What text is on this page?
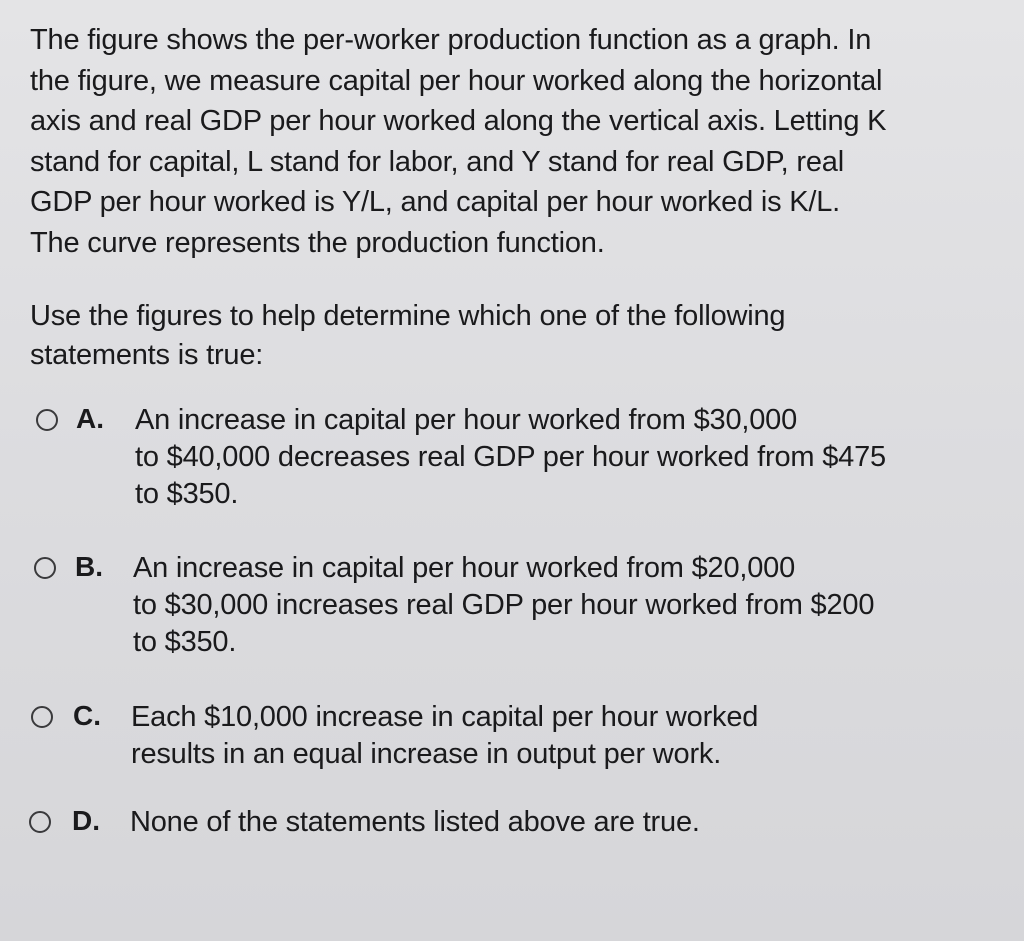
The figure shows the per-worker production function as a graph. In

the figure, we measure capital per hour worked along the horizontal

axis and real GDP per hour worked along the vertical axis. Letting K

stand for capital, L stand for labor, and Y stand for real GDP, real

GDP per hour worked is Y/L, and capital per hour worked is K/L.

The curve represents the production function.

Use the figures to help determine which one of the following

statements is true:

A. An increase in capital per hour worked from $30,000

to $40,000 decreases real GDP per hour worked from $475

to $350.

B. An increase in capital per hour worked from $20,000

to $30,000 increases real GDP per hour worked from $200

to $350.

C. Each $10,000 increase in capital per hour worked

results in an equal increase in output per work.

D. None of the statements listed above are true.
